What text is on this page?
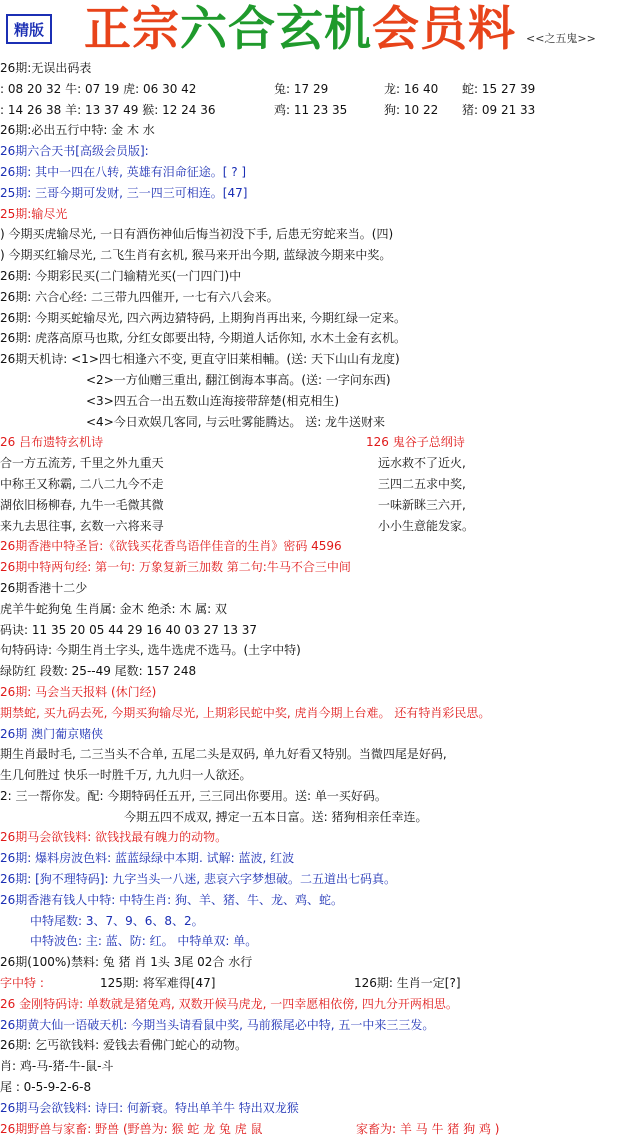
精版 正宗六合玄机会员料 <<之五鬼>>
26期:无误出码表
: 08 20 32 牛: 07 19 虎: 06 30 42	兔: 17 29	龙: 16 40 蛇: 15 27 39
: 14 26 38 羊: 13 37 49 猴: 12 24 36	鸡: 11 23 35	狗: 10 22 猪: 09 21 33
26期:必出五行中特: 金 木 水
26期六合天书[高级会员版]:
26期: 其中一四在八转, 英雄有泪命征途。[ ? ]
25期: 三哥今期可发财, 三一四三可相连。[47]
25期:输尽光
) 今期买虎输尽光, 一日有酒伤神仙后悔当初没下手, 后患无穷蛇来当。(四)
) 今期买红输尽光, 二飞生肖有玄机, 猴马来开出今期, 蓝绿波今期来中奖。
26期: 今期彩民买(二门输精光买(一门四门)中
26期: 六合心经: 二三带九四催开, 一七有六八会来。
26期: 今期买蛇输尽光, 四六两边猜特码, 上期狗肖再出来, 今期红绿一定来。
26期: 虎落高原马也欺, 分红女郎要出特, 今期道人话你知, 水木土金有玄机。
26期天机诗: <1>四七相逢六不变, 更直守旧莱相輔。(送: 天下山山有龙度)
<2>一方仙赠三重出, 翻江倒海本事高。(送: 一字问东西)
<3>四五合一出五数山连海接带辞楚(相克相生)
<4>今日欢娱几客同, 与云吐雾能腾达。 送: 龙牛送财来
26 吕布遗特玄机诗	126 鬼谷子总纲诗
合一方五流芳, 千里之外九重天	远水救不了近火,
中称王又称霸, 二八二九今不走	三四二五求中奖,
湖依旧杨柳春, 九牛一毛微其微	一味新眯三六开,
来九去思往事, 玄数一六将来寻	小小生意能发家。
26期香港中特圣旨:《欲钱买花香鸟语伴佳音的生肖》密码 4596
26期中特两句经: 第一句: 万象复新三加数 第二句:牛马不合三中间
26期香港十二少
虎羊牛蛇狗兔 生肖属: 金木 绝杀: 木 属: 双
码诀: 11 35 20 05 44 29 16 40 03 27 13 37
句特码诗: 今期生肖土字头, 选牛选虎不选马。(土字中特)
绿防红 段数: 25--49 尾数: 157 248
26期: 马会当天报料 (休门经)
期禁蛇, 买九码去死, 今期买狗输尽光, 上期彩民蛇中奖, 虎肖今期上台难。 还有特肖彩民思。
26期 澳门葡京赌侠
期生肖最时毛, 二三当头不合单, 五尾二头是双码, 单九好看又特别。当微四尾是好码,
生几何胜过 快乐一时胜千万, 九九归一人欲还。
2: 三一帮你发。配: 今期特码任五开, 三三同出你要用。送: 单一买好码。
今期五四不成双, 搏定一五本日富。送: 猪狗相亲任幸连。
26期马会欲钱料: 欲钱找最有魄力的动物。
26期: 爆料房波色料: 蓝蓝绿绿中本期. 试解: 蓝波, 红波
26期: [狗不理特码]: 九字当头一八迷, 悲哀六字梦想破。二五道出七码真。
26期香港有钱人中特: 中特生肖: 狗、羊、猪、牛、龙、鸡、蛇。
中特尾数: 3、7、9、6、8、2。
中特波色: 主: 蓝、防: 红。 中特单双: 单。
26期(100%)禁料: 兔 猪 肖 1头 3尾 02合 水行
字中特 :	125期: 将军难得[47]	126期: 生肖一定[?]
26 金刚特码诗: 单数就是猪兔鸡, 双数开候马虎龙, 一四幸愿相依傍, 四九分开两相思。
26期黄大仙一语破天机: 今期当头请看鼠中奖, 马前猴尾必中特, 五一中来三三发。
26期: 乞丐欲钱料: 爱钱去看佛门蛇心的动物。
肖: 鸡-马-猪-牛-鼠-斗
尾 : 0-5-9-2-6-8
26期马会欲钱料: 诗曰: 何新衰。特出单羊牛 特出双龙猴
26期野兽与家畜: 野兽 (野兽为: 猴 蛇 龙 兔 虎 鼠	家畜为: 羊 马 牛 猪 狗 鸡 )
